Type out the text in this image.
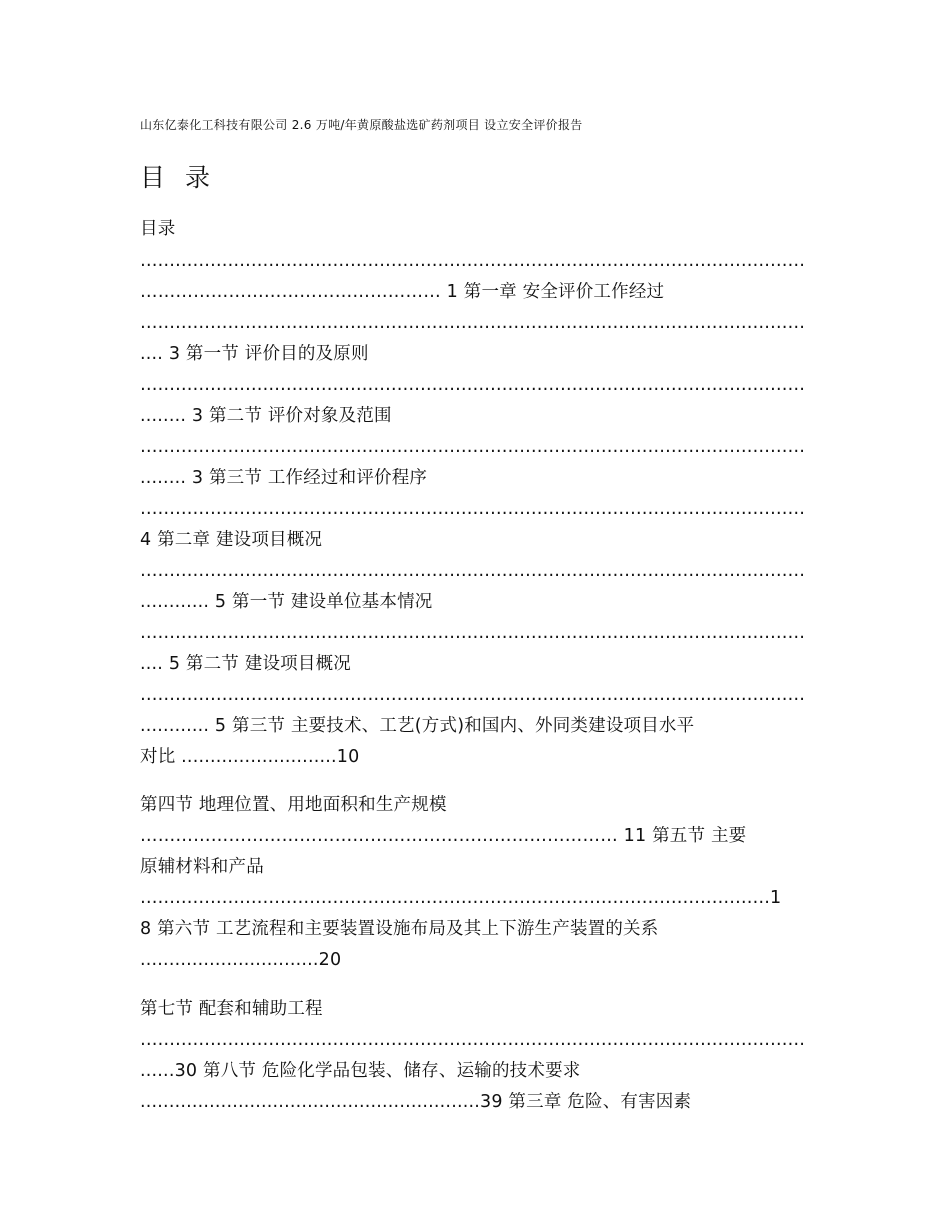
山东亿泰化工科技有限公司 2.6 万吨/年黄原酸盐选矿药剂项目 设立安全评价报告
目 录
目录
……………………………………………………………………………………………………
…………………………………………… 1 第一章 安全评价工作经过
……………………………………………………………………………………………………
.... 3 第一节 评价目的及原则
……………………………………………………………………………………………………
........ 3 第二节 评价对象及范围
……………………………………………………………………………………………………
........ 3 第三节 工作经过和评价程序
……………………………………………………………………………………………………
4 第二章 建设项目概况
……………………………………………………………………………………………………
............ 5 第一节 建设单位基本情况
……………………………………………………………………………………………………
.... 5 第二节 建设项目概况
……………………………………………………………………………………………………
............ 5 第三节 主要技术、工艺(方式)和国内、外同类建设项目水平
对比 ...........................10
第四节 地理位置、用地面积和生产规模
……………………………………………………………………… 11 第五节 主要
原辅材料和产品
………………………………………………………………………………………………1
8 第六节 工艺流程和主要装置设施布局及其上下游生产装置的关系
...............................20
第七节 配套和辅助工程
……………………………………………………………………………………………………
......30 第八节 危险化学品包装、储存、运输的技术要求
...........................................................39 第三章 危险、有害因素
